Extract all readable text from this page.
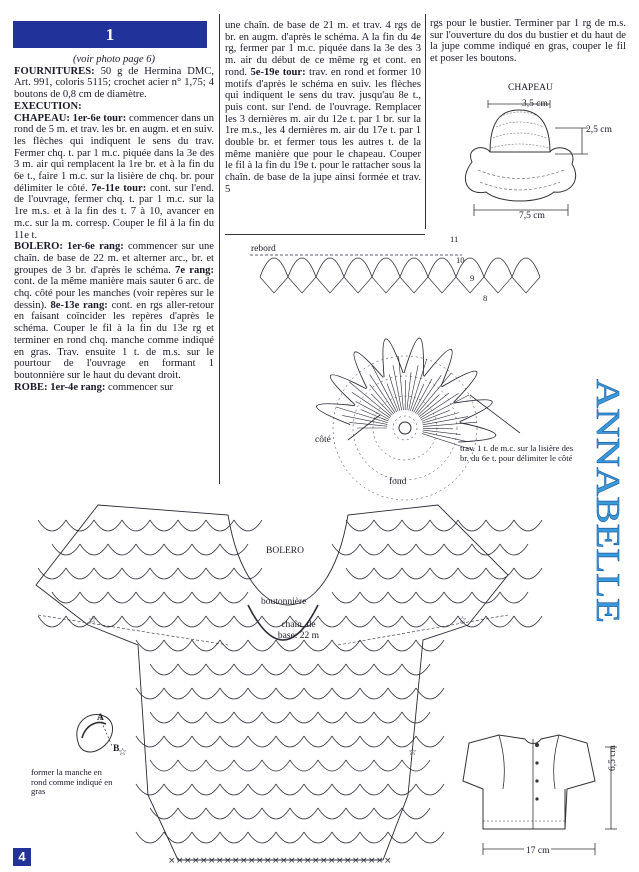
1

(voir photo page 6)

FOURNITURES: 50 g de Hermina DMC, Art. 991, coloris 5115; crochet acier n° 1,75; 4 boutons de 0,8 cm de diamètre.

EXECUTION:

CHAPEAU: 1er-6e tour: commencer dans un rond de 5 m. et trav. les br. en augm. et en suiv. les flèches qui indiquent le sens du trav. Fermer chq. t. par 1 m.c. piquée dans la 3e des 3 m. air qui remplacent la 1re br. et à la fin du 6e t., faire 1 m.c. sur la lisière de chq. br. pour délimiter le côté. 7e-11e tour: cont. sur l'end. de l'ouvrage, fermer chq. t. par 1 m.c. sur la 1re m.s. et à la fin des t. 7 à 10, avancer en m.c. sur la m. corresp. Couper le fil à la fin du 11e t.

BOLERO: 1er-6e rang: commencer sur une chaîn. de base de 22 m. et alterner arc., br. et groupes de 3 br. d'après le schéma. 7e rang: cont. de la même manière mais sauter 6 arc. de chq. côté pour les manches (voir repères sur le dessin). 8e-13e rang: cont. en rgs aller-retour en faisant coïncider les repères d'après le schéma. Couper le fil à la fin du 13e rg et terminer en rond chq. manche comme indiqué en gras. Trav. ensuite 1 t. de m.s. sur le pourtour de l'ouvrage en formant 1 boutonnière sur le haut du devant droit.

ROBE: 1er-4e rang: commencer sur

une chaîn. de base de 21 m. et trav. 4 rgs de br. en augm. d'après le schéma. A la fin du 4e rg, fermer par 1 m.c. piquée dans la 3e des 3 m. air du début de ce même rg et cont. en rond. 5e-19e tour: trav. en rond et former 10 motifs d'après le schéma en suiv. les flèches qui indiquent le sens du trav. jusqu'au 8e t., puis cont. sur l'end. de l'ouvrage. Remplacer les 3 dernières m. air du 12e t. par 1 br. sur la 1re m.s., les 4 dernières m. air du 17e t. par 1 double br. et fermer tous les autres t. de la même manière que pour le chapeau. Couper le fil à la fin du 19e t. pour le rattacher sous la chaîn. de base de la jupe ainsi formée et trav. 5

rgs pour le bustier. Terminer par 1 rg de m.s. sur l'ouverture du dos du bustier et du haut de la jupe comme indiqué en gras, couper le fil et poser les boutons.

CHAPEAU
3,5 cm
2,5 cm
7,5 cm
rebord
11
10
9
8
côté
fond
trav. 1 t. de m.c. sur la lisière des br. du 6e t. pour délimiter le côté ANNABELLE
× × × × × × × × × × × × × × × × × × × × × × × × × × × ×
☆	☆
☆	☆
BOLERO
boutonnière
chaîn. de base: 22 m
former la manche en rond comme indiqué en gras
A
B	6,5 cm
17 cm
4
